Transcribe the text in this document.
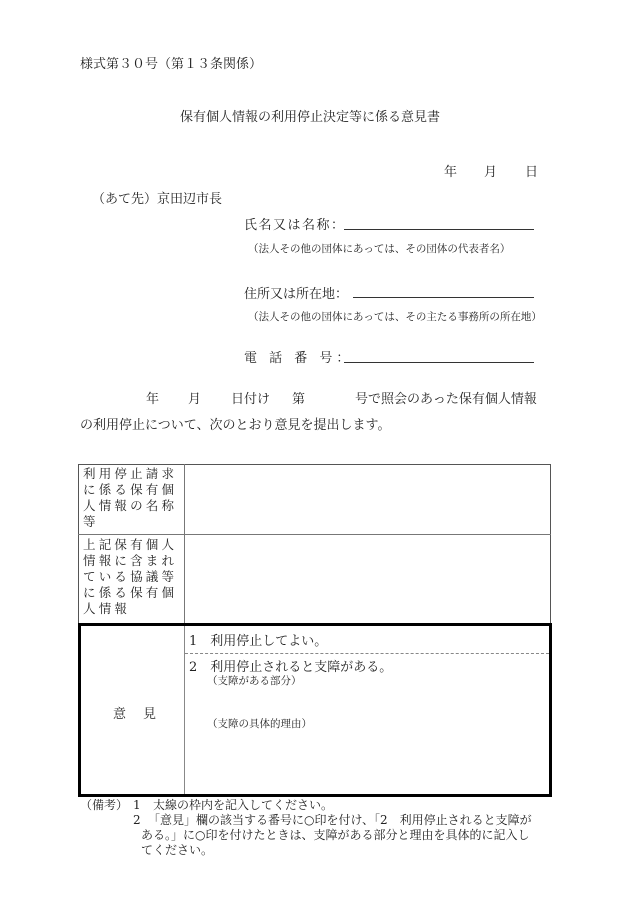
様式第３０号（第１３条関係）
保有個人情報の利用停止決定等に係る意見書
年 月 日
（あて先）京田辺市長
氏名又は名称：
（法人その他の団体にあっては、その団体の代表者名）
住所又は所在地：
（法人その他の団体にあっては、その主たる事務所の所在地）
電 話 番 号：
年 月 日付け 第	号で照会のあった保有個人情報
の利用停止について、次のとおり意見を提出します。
利用停止請求に係る保有個人情報の名称等
上記保有個人情報に含まれている協議等に係る保有個人情報
意　見
1　利用停止してよい。
2　利用停止されると支障がある。
（支障がある部分）
（支障の具体的理由）
（備考） 1 太線の枠内を記入してください。
2 「意見」欄の該当する番号に○印を付け、「2　利用停止されると支障が
ある。」に○印を付けたときは、支障がある部分と理由を具体的に記入し
てください。
